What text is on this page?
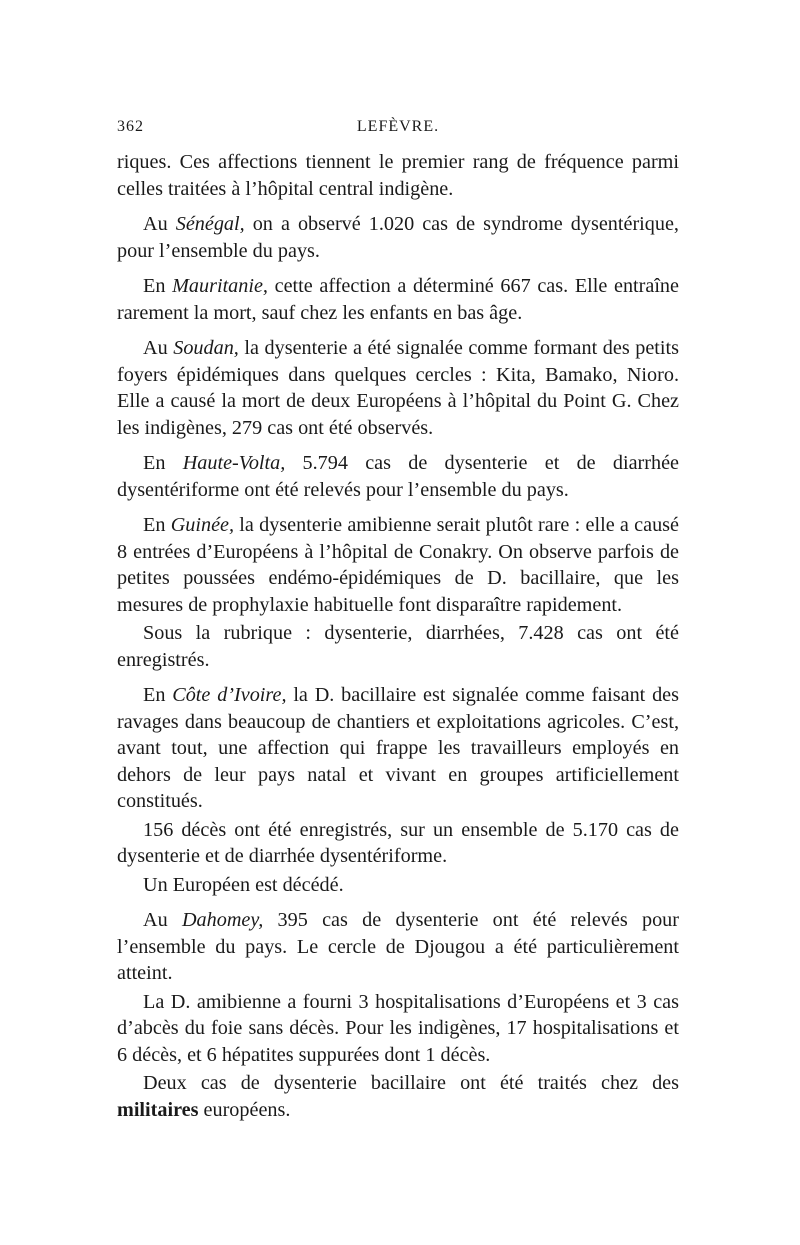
362	LEFÈVRE.

riques. Ces affections tiennent le premier rang de fréquence parmi celles traitées à l’hôpital central indigène.

Au Sénégal, on a observé 1.020 cas de syndrome dysentérique, pour l’ensemble du pays.

En Mauritanie, cette affection a déterminé 667 cas. Elle entraîne rarement la mort, sauf chez les enfants en bas âge.

Au Soudan, la dysenterie a été signalée comme formant des petits foyers épidémiques dans quelques cercles : Kita, Bamako, Nioro. Elle a causé la mort de deux Européens à l’hôpital du Point G. Chez les indigènes, 279 cas ont été observés.

En Haute-Volta, 5.794 cas de dysenterie et de diarrhée dysentériforme ont été relevés pour l’ensemble du pays.

En Guinée, la dysenterie amibienne serait plutôt rare : elle a causé 8 entrées d’Européens à l’hôpital de Conakry. On observe parfois de petites poussées endémo-épidémiques de D. bacillaire, que les mesures de prophylaxie habituelle font disparaître rapidement.

Sous la rubrique : dysenterie, diarrhées, 7.428 cas ont été enregistrés.

En Côte d’Ivoire, la D. bacillaire est signalée comme faisant des ravages dans beaucoup de chantiers et exploitations agricoles. C’est, avant tout, une affection qui frappe les travailleurs employés en dehors de leur pays natal et vivant en groupes artificiellement constitués.

156 décès ont été enregistrés, sur un ensemble de 5.170 cas de dysenterie et de diarrhée dysentériforme.

Un Européen est décédé.

Au Dahomey, 395 cas de dysenterie ont été relevés pour l’ensemble du pays. Le cercle de Djougou a été particulièrement atteint.

La D. amibienne a fourni 3 hospitalisations d’Européens et 3 cas d’abcès du foie sans décès. Pour les indigènes, 17 hospitalisations et 6 décès, et 6 hépatites suppurées dont 1 décès.

Deux cas de dysenterie bacillaire ont été traités chez des militaires européens.
